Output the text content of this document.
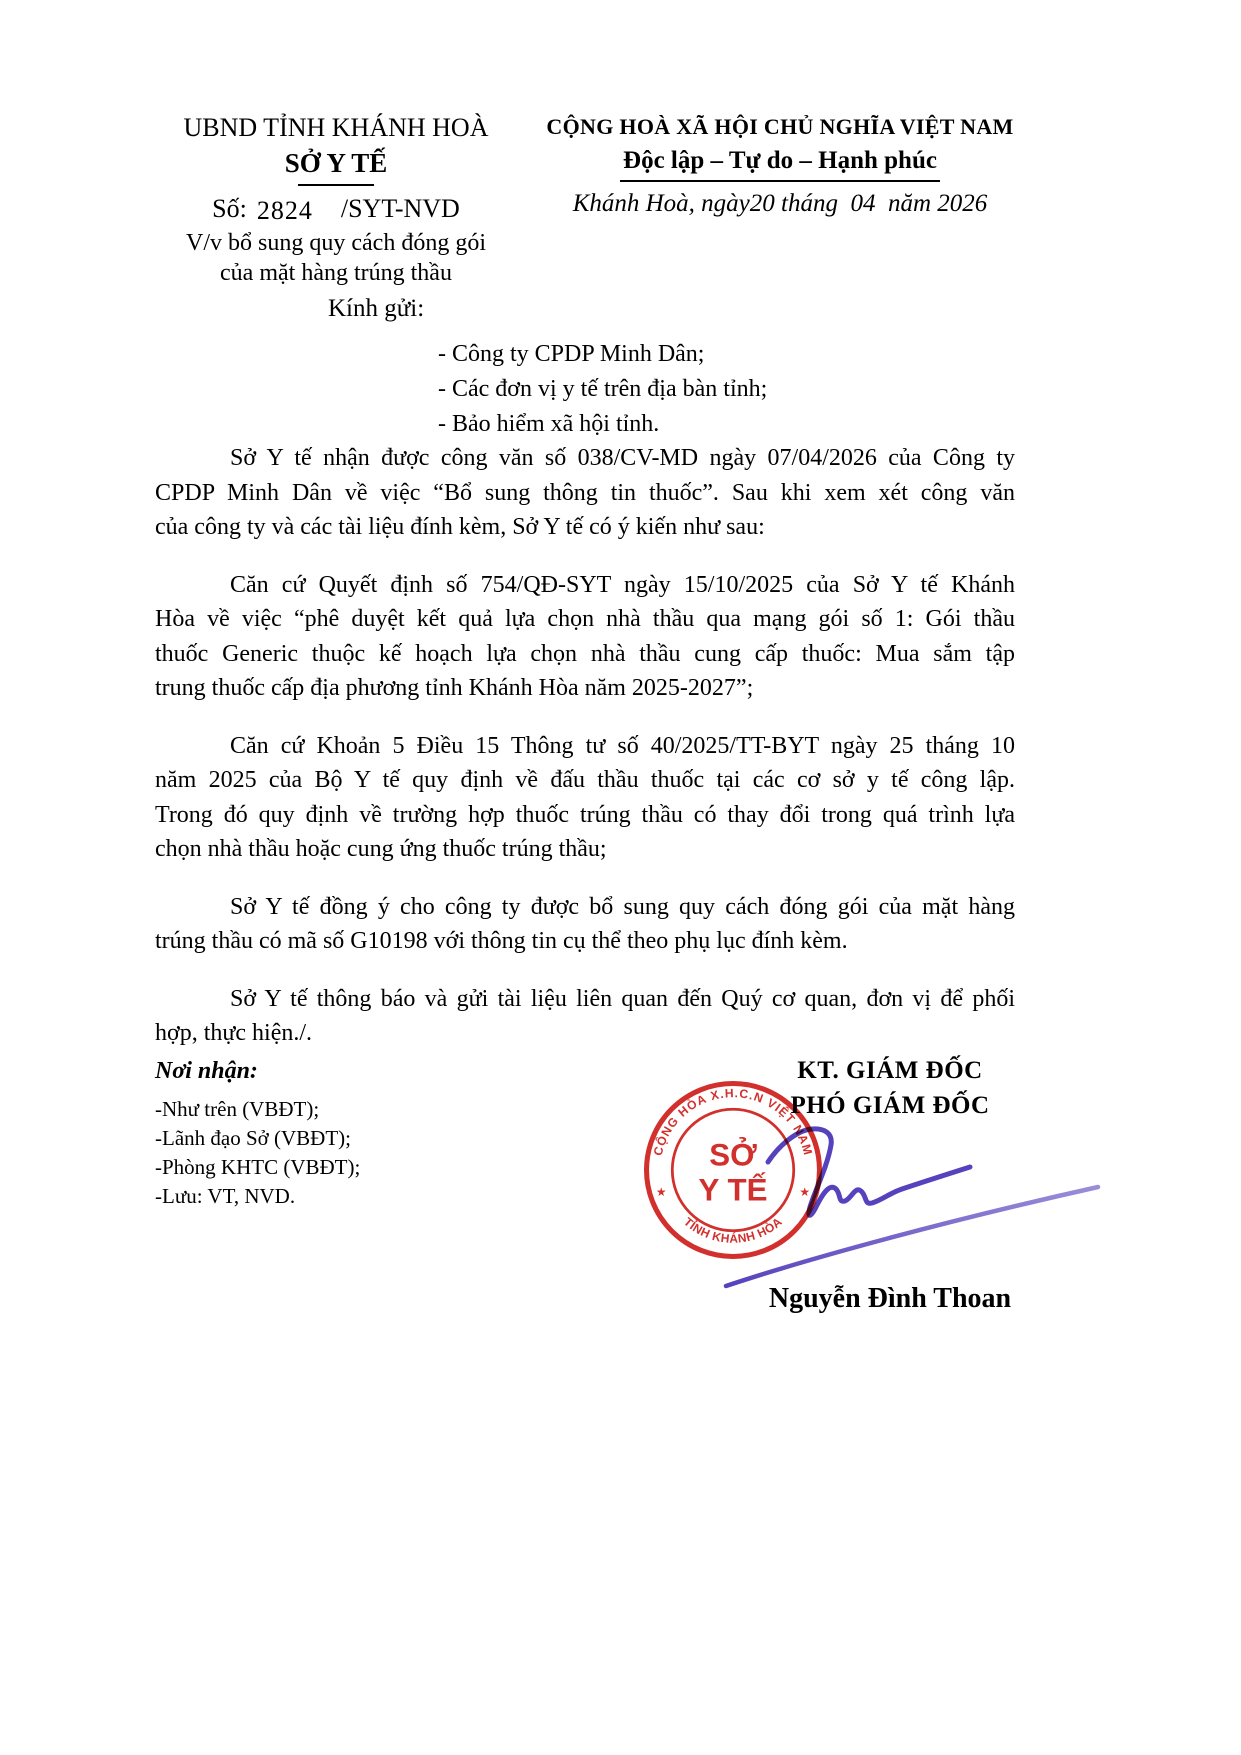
UBND TỈNH KHÁNH HOÀ
SỞ Y TẾ
Số: 2824 /SYT-NVD
V/v bổ sung quy cách đóng gói
của mặt hàng trúng thầu
CỘNG HOÀ XÃ HỘI CHỦ NGHĨA VIỆT NAM
Độc lập – Tự do – Hạnh phúc
Khánh Hoà, ngày20 tháng  04  năm 2026
Kính gửi:
- Công ty CPDP Minh Dân;
- Các đơn vị y tế trên địa bàn tỉnh;
- Bảo hiểm xã hội tỉnh.
Sở Y tế nhận được công văn số 038/CV-MD ngày 07/04/2026 của Công ty
CPDP Minh Dân về việc “Bổ sung thông tin thuốc”. Sau khi xem xét công văn
của công ty và các tài liệu đính kèm, Sở Y tế có ý kiến như sau:
Căn cứ Quyết định số 754/QĐ-SYT ngày 15/10/2025 của Sở Y tế Khánh
Hòa về việc “phê duyệt kết quả lựa chọn nhà thầu qua mạng gói số 1: Gói thầu
thuốc Generic thuộc kế hoạch lựa chọn nhà thầu cung cấp thuốc: Mua sắm tập
trung thuốc cấp địa phương tỉnh Khánh Hòa năm 2025-2027”;
Căn cứ Khoản 5 Điều 15 Thông tư số 40/2025/TT-BYT ngày 25 tháng 10
năm 2025 của Bộ Y tế quy định về đấu thầu thuốc tại các cơ sở y tế công lập.
Trong đó quy định về trường hợp thuốc trúng thầu có thay đổi trong quá trình lựa
chọn nhà thầu hoặc cung ứng thuốc trúng thầu;
Sở Y tế đồng ý cho công ty được bổ sung quy cách đóng gói của mặt hàng
trúng thầu có mã số G10198 với thông tin cụ thể theo phụ lục đính kèm.
Sở Y tế thông báo và gửi tài liệu liên quan đến Quý cơ quan, đơn vị để phối
hợp, thực hiện./.
Nơi nhận:
-Như trên (VBĐT);
-Lãnh đạo Sở (VBĐT);
-Phòng KHTC (VBĐT);
-Lưu: VT, NVD.
KT. GIÁM ĐỐC
PHÓ GIÁM ĐỐC
Nguyễn Đình Thoan
CỘNG HÒA X.H.C.N VIỆT NAM
TỈNH KHÁNH HÒA
★	★
SỞ
Y TẾ
